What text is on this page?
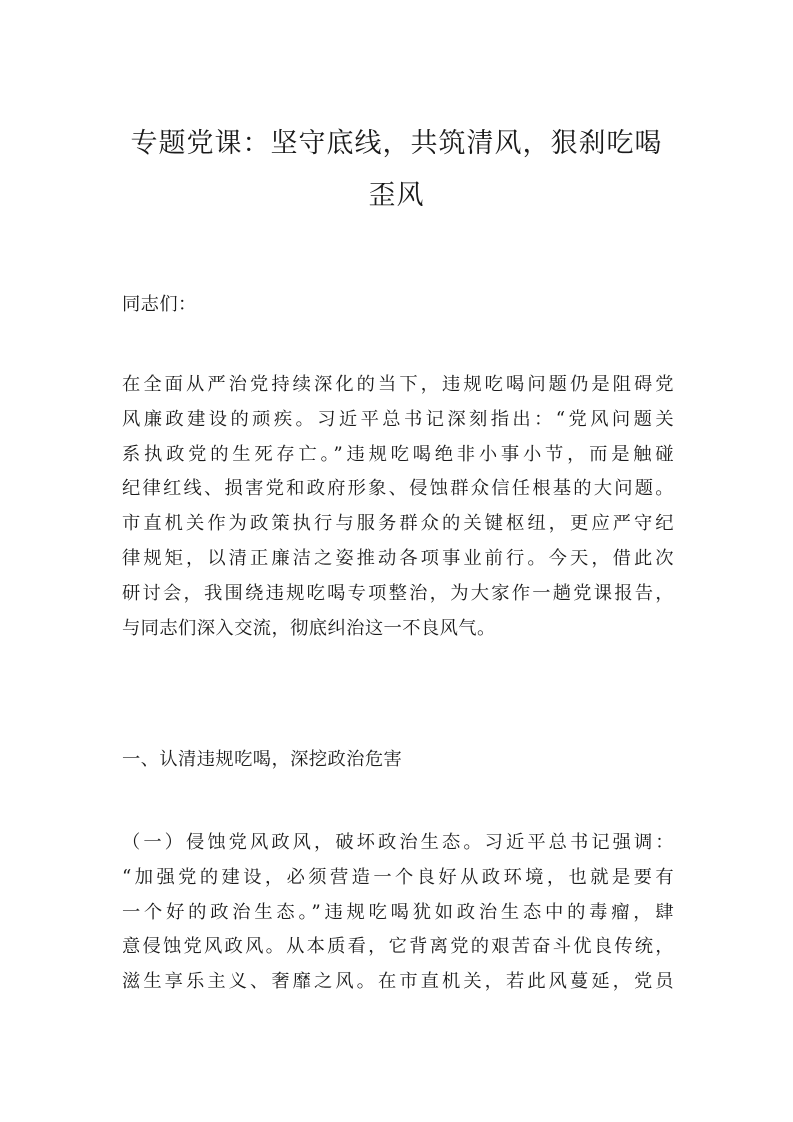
专题党课：坚守底线，共筑清风，狠刹吃喝
歪风

同志们：

在全面从严治党持续深化的当下，违规吃喝问题仍是阻碍党
风廉政建设的顽疾。习近平总书记深刻指出：“党风问题关
系执政党的生死存亡。”违规吃喝绝非小事小节，而是触碰
纪律红线、损害党和政府形象、侵蚀群众信任根基的大问题。
市直机关作为政策执行与服务群众的关键枢纽，更应严守纪
律规矩，以清正廉洁之姿推动各项事业前行。今天，借此次
研讨会，我围绕违规吃喝专项整治，为大家作一趟党课报告，
与同志们深入交流，彻底纠治这一不良风气。

一、认清违规吃喝，深挖政治危害

（一）侵蚀党风政风，破坏政治生态。习近平总书记强调：
“加强党的建设，必须营造一个良好从政环境，也就是要有
一个好的政治生态。”违规吃喝犹如政治生态中的毒瘤，肆
意侵蚀党风政风。从本质看，它背离党的艰苦奋斗优良传统，
滋生享乐主义、奢靡之风。在市直机关，若此风蔓延，党员
